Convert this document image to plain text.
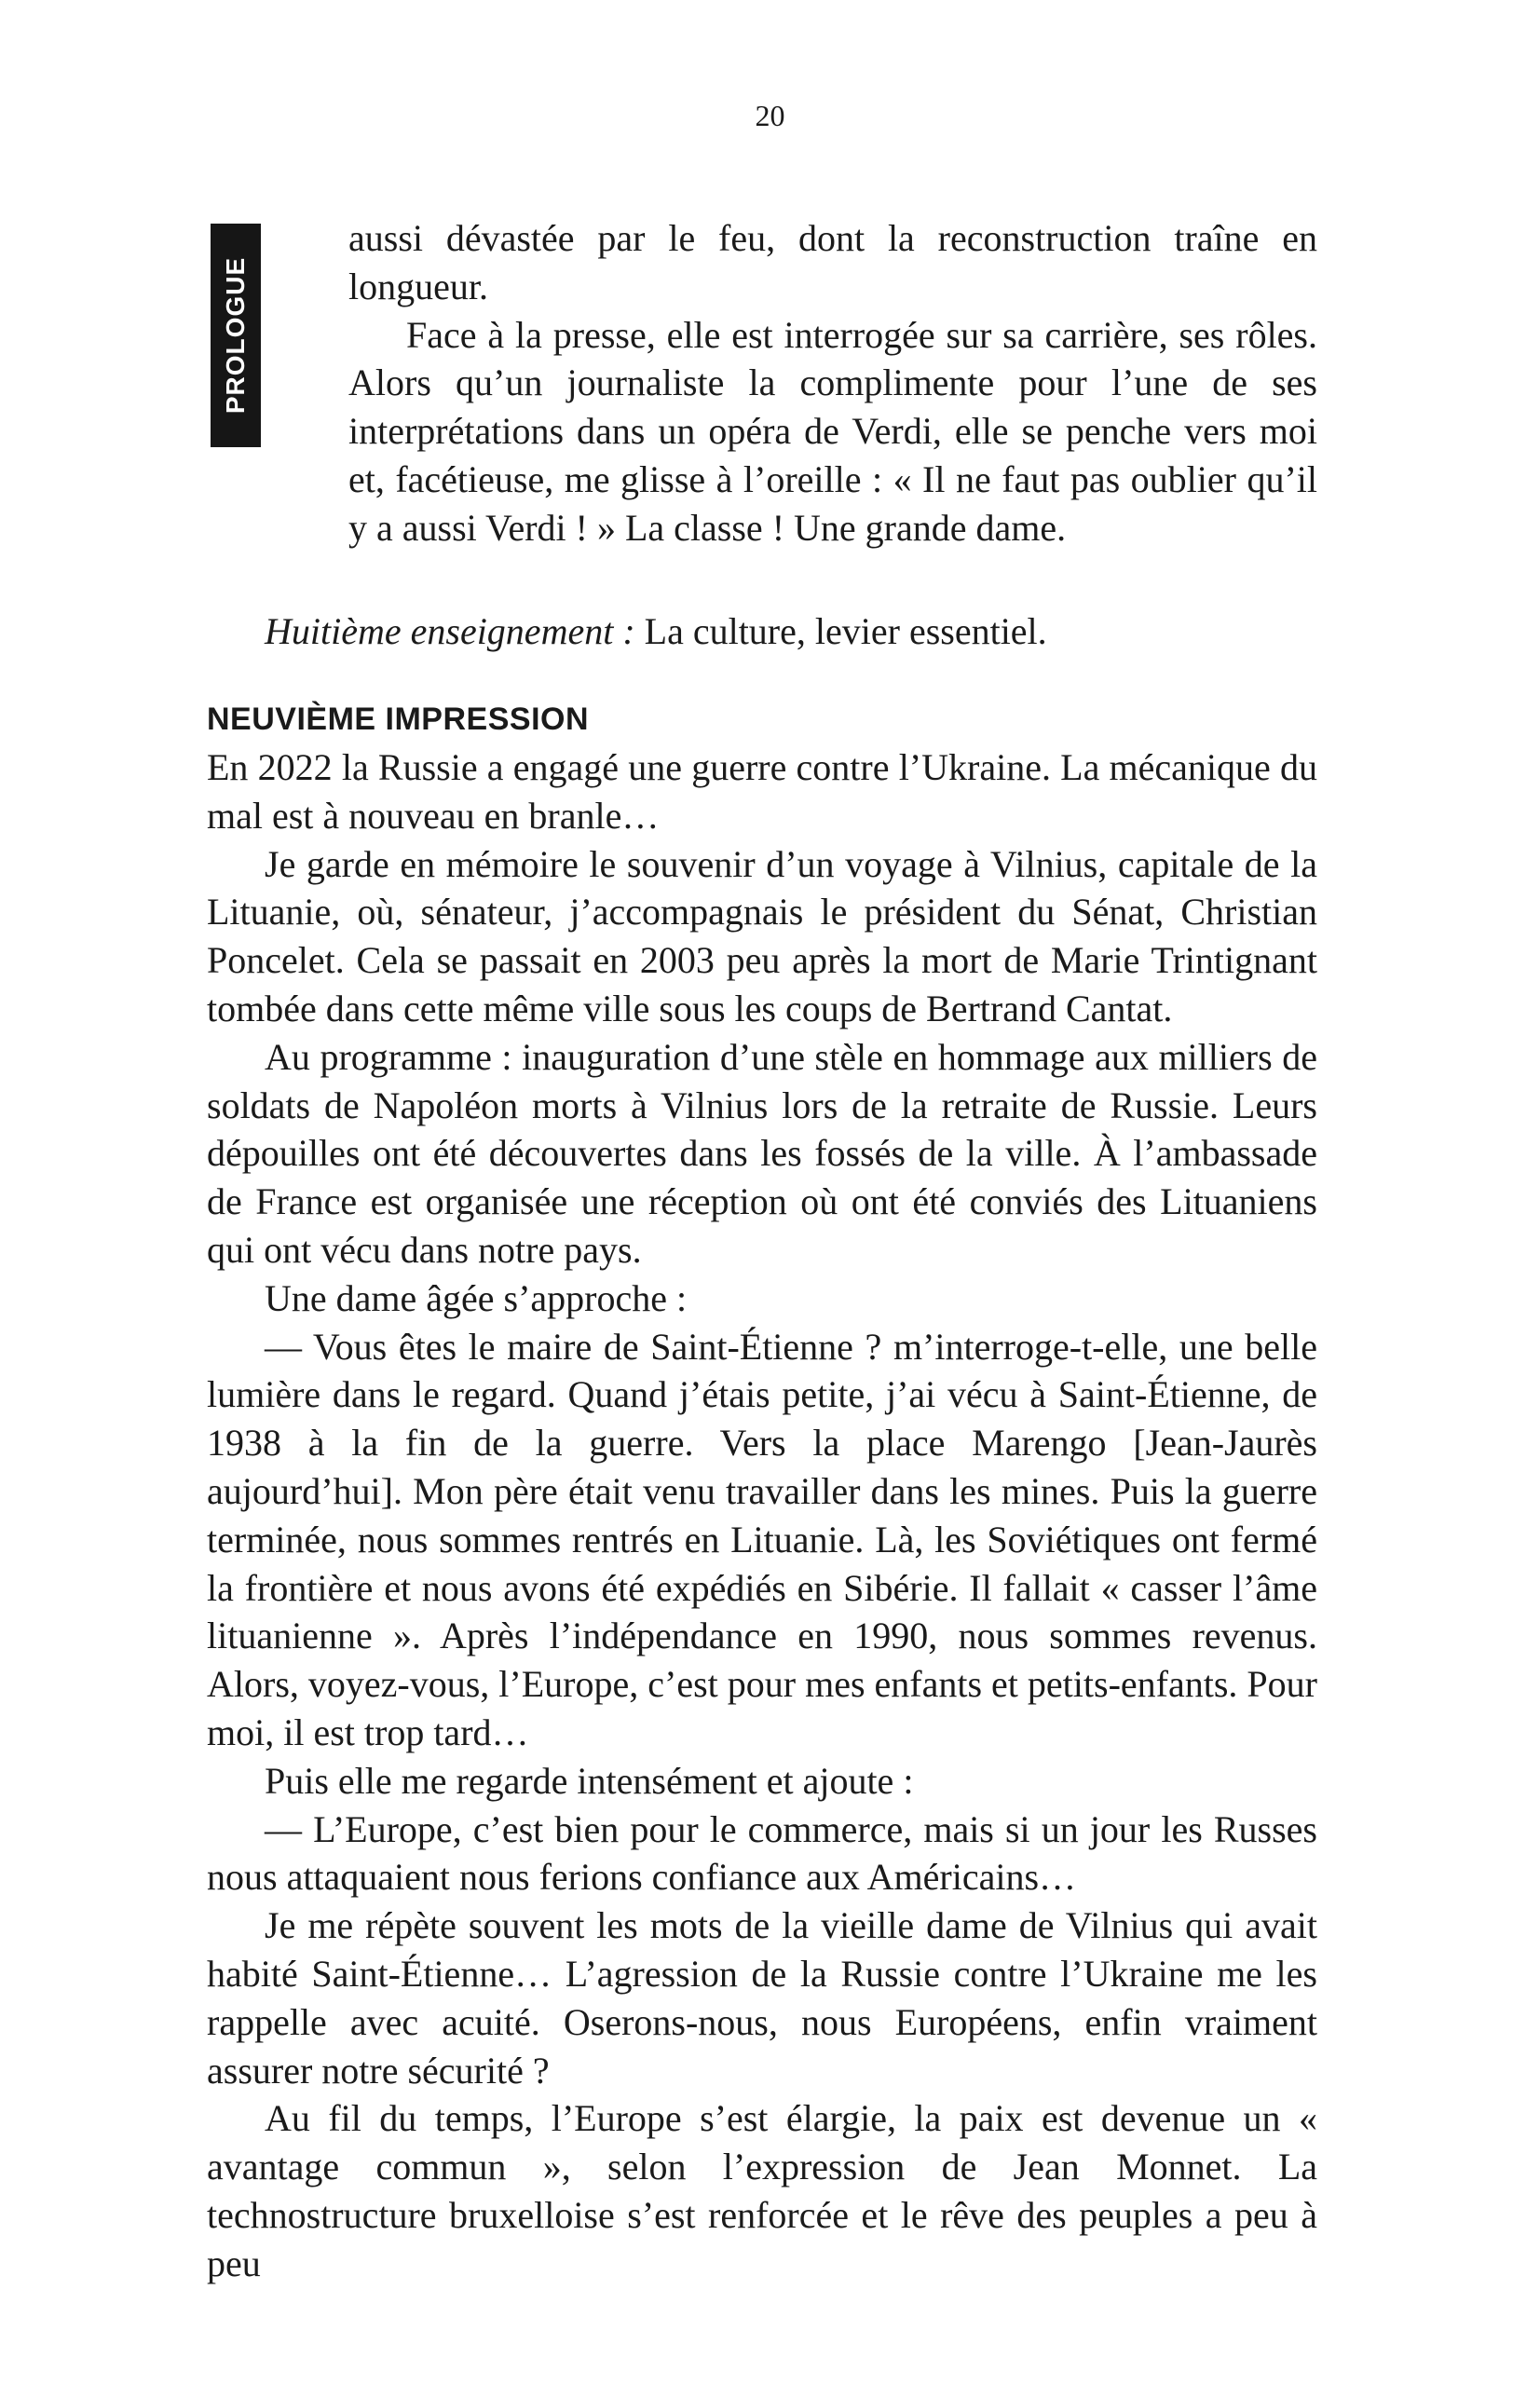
20
PROLOGUE

aussi dévastée par le feu, dont la reconstruction traîne en longueur.

Face à la presse, elle est interrogée sur sa carrière, ses rôles. Alors qu’un journaliste la complimente pour l’une de ses interprétations dans un opéra de Verdi, elle se penche vers moi et, facétieuse, me glisse à l’oreille : « Il ne faut pas oublier qu’il y a aussi Verdi ! » La classe ! Une grande dame.

Huitième enseignement : La culture, levier essentiel.

NEUVIÈME IMPRESSION

En 2022 la Russie a engagé une guerre contre l’Ukraine. La mécanique du mal est à nouveau en branle…

Je garde en mémoire le souvenir d’un voyage à Vilnius, capitale de la Lituanie, où, sénateur, j’accompagnais le président du Sénat, Christian Poncelet. Cela se passait en 2003 peu après la mort de Marie Trintignant tombée dans cette même ville sous les coups de Bertrand Cantat.

Au programme : inauguration d’une stèle en hommage aux milliers de soldats de Napoléon morts à Vilnius lors de la retraite de Russie. Leurs dépouilles ont été découvertes dans les fossés de la ville. À l’ambassade de France est organisée une réception où ont été conviés des Lituaniens qui ont vécu dans notre pays.

Une dame âgée s’approche :

— Vous êtes le maire de Saint-Étienne ? m’interroge-t-elle, une belle lumière dans le regard. Quand j’étais petite, j’ai vécu à Saint-Étienne, de 1938 à la fin de la guerre. Vers la place Marengo [Jean-Jaurès aujourd’hui]. Mon père était venu travailler dans les mines. Puis la guerre terminée, nous sommes rentrés en Lituanie. Là, les Soviétiques ont fermé la frontière et nous avons été expédiés en Sibérie. Il fallait « casser l’âme lituanienne ». Après l’indépendance en 1990, nous sommes revenus. Alors, voyez-vous, l’Europe, c’est pour mes enfants et petits-enfants. Pour moi, il est trop tard…

Puis elle me regarde intensément et ajoute :

— L’Europe, c’est bien pour le commerce, mais si un jour les Russes nous attaquaient nous ferions confiance aux Américains…

Je me répète souvent les mots de la vieille dame de Vilnius qui avait habité Saint-Étienne… L’agression de la Russie contre l’Ukraine me les rappelle avec acuité. Oserons-nous, nous Européens, enfin vraiment assurer notre sécurité ?

Au fil du temps, l’Europe s’est élargie, la paix est devenue un « avantage commun », selon l’expression de Jean Monnet. La technostructure bruxelloise s’est renforcée et le rêve des peuples a peu à peu
